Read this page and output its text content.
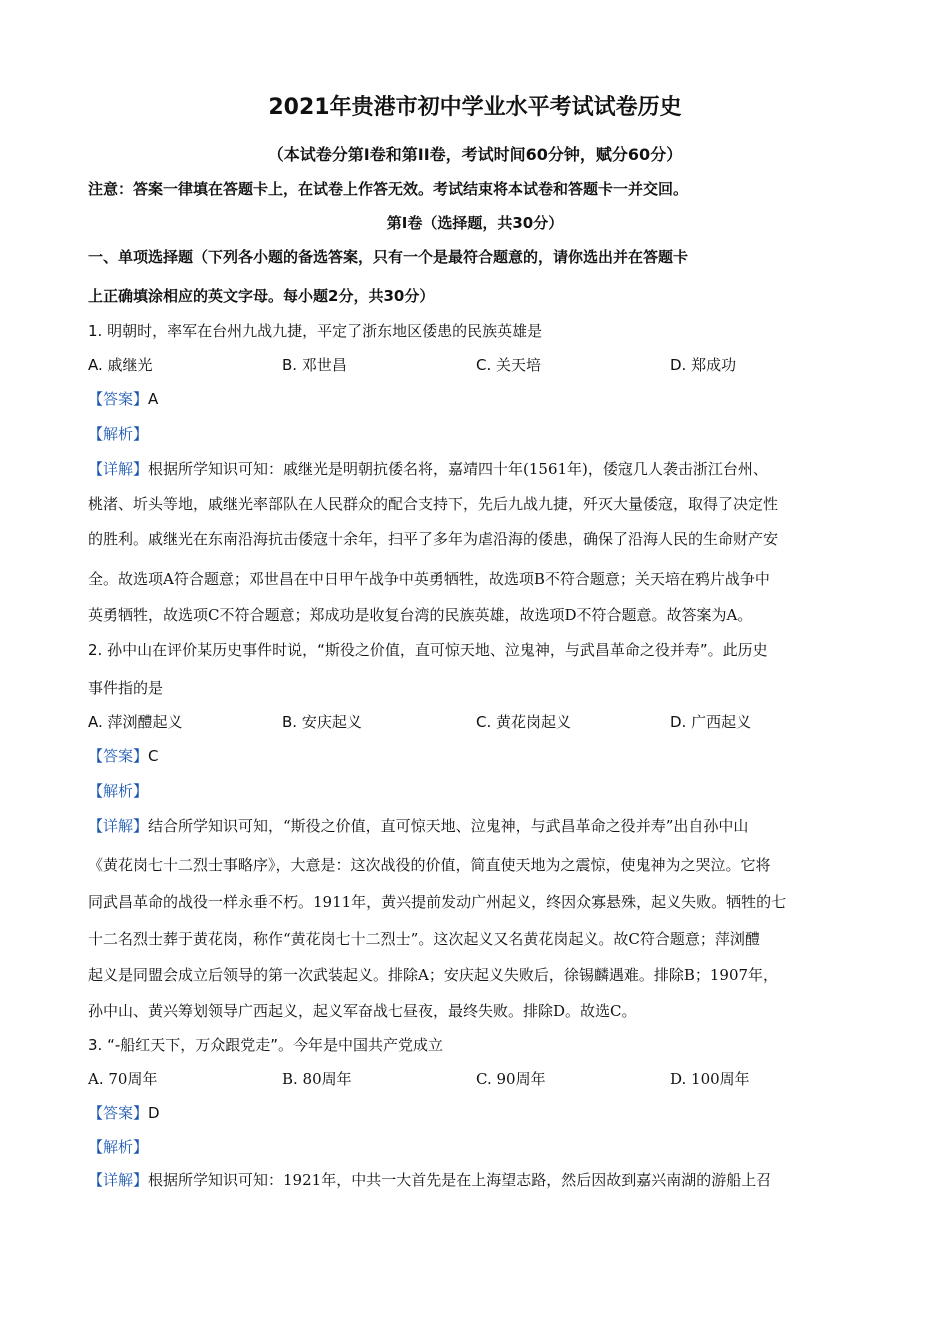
2021年贵港市初中学业水平考试试卷历史
（本试卷分第Ⅰ卷和第II卷，考试时间60分钟，赋分60分）
注意：答案一律填在答题卡上，在试卷上作答无效。考试结束将本试卷和答题卡一并交回。
第Ⅰ卷（选择题，共30分）
一、单项选择题（下列各小题的备选答案，只有一个是最符合题意的，请你选出并在答题卡
上正确填涂相应的英文字母。每小题2分，共30分）
1. 明朝时，率军在台州九战九捷，平定了浙东地区倭患的民族英雄是
A. 戚继光	B. 邓世昌	C. 关天培	D. 郑成功
【答案】A
【解析】
【详解】根据所学知识可知：戚继光是明朝抗倭名将，嘉靖四十年(1561年)，倭寇几人袭击浙江台州、
桃渚、圻头等地，戚继光率部队在人民群众的配合支持下，先后九战九捷，歼灭大量倭寇，取得了决定性
的胜利。戚继光在东南沿海抗击倭寇十余年，扫平了多年为虐沿海的倭患，确保了沿海人民的生命财产安
全。故选项A符合题意；邓世昌在中日甲午战争中英勇牺牲，故选项B不符合题意；关天培在鸦片战争中
英勇牺牲，故选项C不符合题意；郑成功是收复台湾的民族英雄，故选项D不符合题意。故答案为A。
2. 孙中山在评价某历史事件时说，“斯役之价值，直可惊天地、泣鬼神，与武昌革命之役并寿”。此历史
事件指的是
A. 萍浏醴起义	B. 安庆起义	C. 黄花岗起义	D. 广西起义
【答案】C
【解析】
【详解】结合所学知识可知，“斯役之价值，直可惊天地、泣鬼神，与武昌革命之役并寿”出自孙中山
《黄花岗七十二烈士事略序》，大意是：这次战役的价值，简直使天地为之震惊，使鬼神为之哭泣。它将
同武昌革命的战役一样永垂不朽。1911年，黄兴提前发动广州起义，终因众寡悬殊，起义失败。牺牲的七
十二名烈士葬于黄花岗，称作“黄花岗七十二烈士”。这次起义又名黄花岗起义。故C符合题意；萍浏醴
起义是同盟会成立后领导的第一次武装起义。排除A；安庆起义失败后，徐锡麟遇难。排除B；1907年，
孙中山、黄兴筹划领导广西起义，起义军奋战七昼夜，最终失败。排除D。故选C。
3. “-船红天下，万众跟党走”。今年是中国共产党成立
A. 70周年	B. 80周年	C. 90周年	D. 100周年
【答案】D
【解析】
【详解】根据所学知识可知：1921年，中共一大首先是在上海望志路，然后因故到嘉兴南湖的游船上召
